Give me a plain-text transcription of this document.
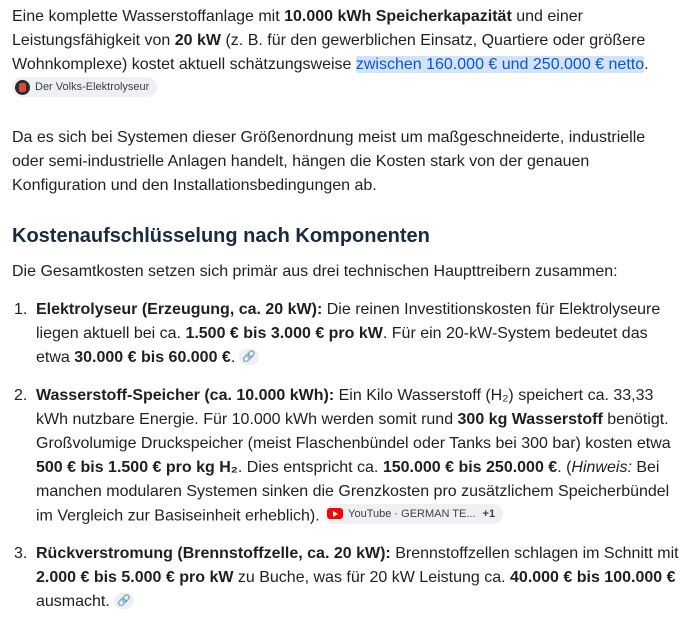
Eine komplette Wasserstoffanlage mit 10.000 kWh Speicherkapazität und einer Leistungsfähigkeit von 20 kW (z. B. für den gewerblichen Einsatz, Quartiere oder größere Wohnkomplexe) kostet aktuell schätzungsweise zwischen 160.000 € und 250.000 € netto.
Der Volks-Elektrolyseur

Da es sich bei Systemen dieser Größenordnung meist um maßgeschneiderte, industrielle oder semi-industrielle Anlagen handelt, hängen die Kosten stark von der genauen Konfiguration und den Installationsbedingungen ab.

Kostenaufschlüsselung nach Komponenten

Die Gesamtkosten setzen sich primär aus drei technischen Haupttreibern zusammen:

1. Elektrolyseur (Erzeugung, ca. 20 kW): Die reinen Investitionskosten für Elektrolyseure liegen aktuell bei ca. 1.500 € bis 3.000 € pro kW. Für ein 20-kW-System bedeutet das etwa 30.000 € bis 60.000 €. 🔗
2. Wasserstoff-Speicher (ca. 10.000 kWh): Ein Kilo Wasserstoff (H₂) speichert ca. 33,33 kWh nutzbare Energie. Für 10.000 kWh werden somit rund 300 kg Wasserstoff benötigt. Großvolumige Druckspeicher (meist Flaschenbündel oder Tanks bei 300 bar) kosten etwa 500 € bis 1.500 € pro kg H₂. Dies entspricht ca. 150.000 € bis 250.000 €. (Hinweis: Bei manchen modularen Systemen sinken die Grenzkosten pro zusätzlichem Speicherbündel im Vergleich zur Basiseinheit erheblich).	YouTube · GERMAN TE... +1
3. Rückverstromung (Brennstoffzelle, ca. 20 kW): Brennstoffzellen schlagen im Schnitt mit 2.000 € bis 5.000 € pro kW zu Buche, was für 20 kW Leistung ca. 40.000 € bis 100.000 € ausmacht. 🔗
